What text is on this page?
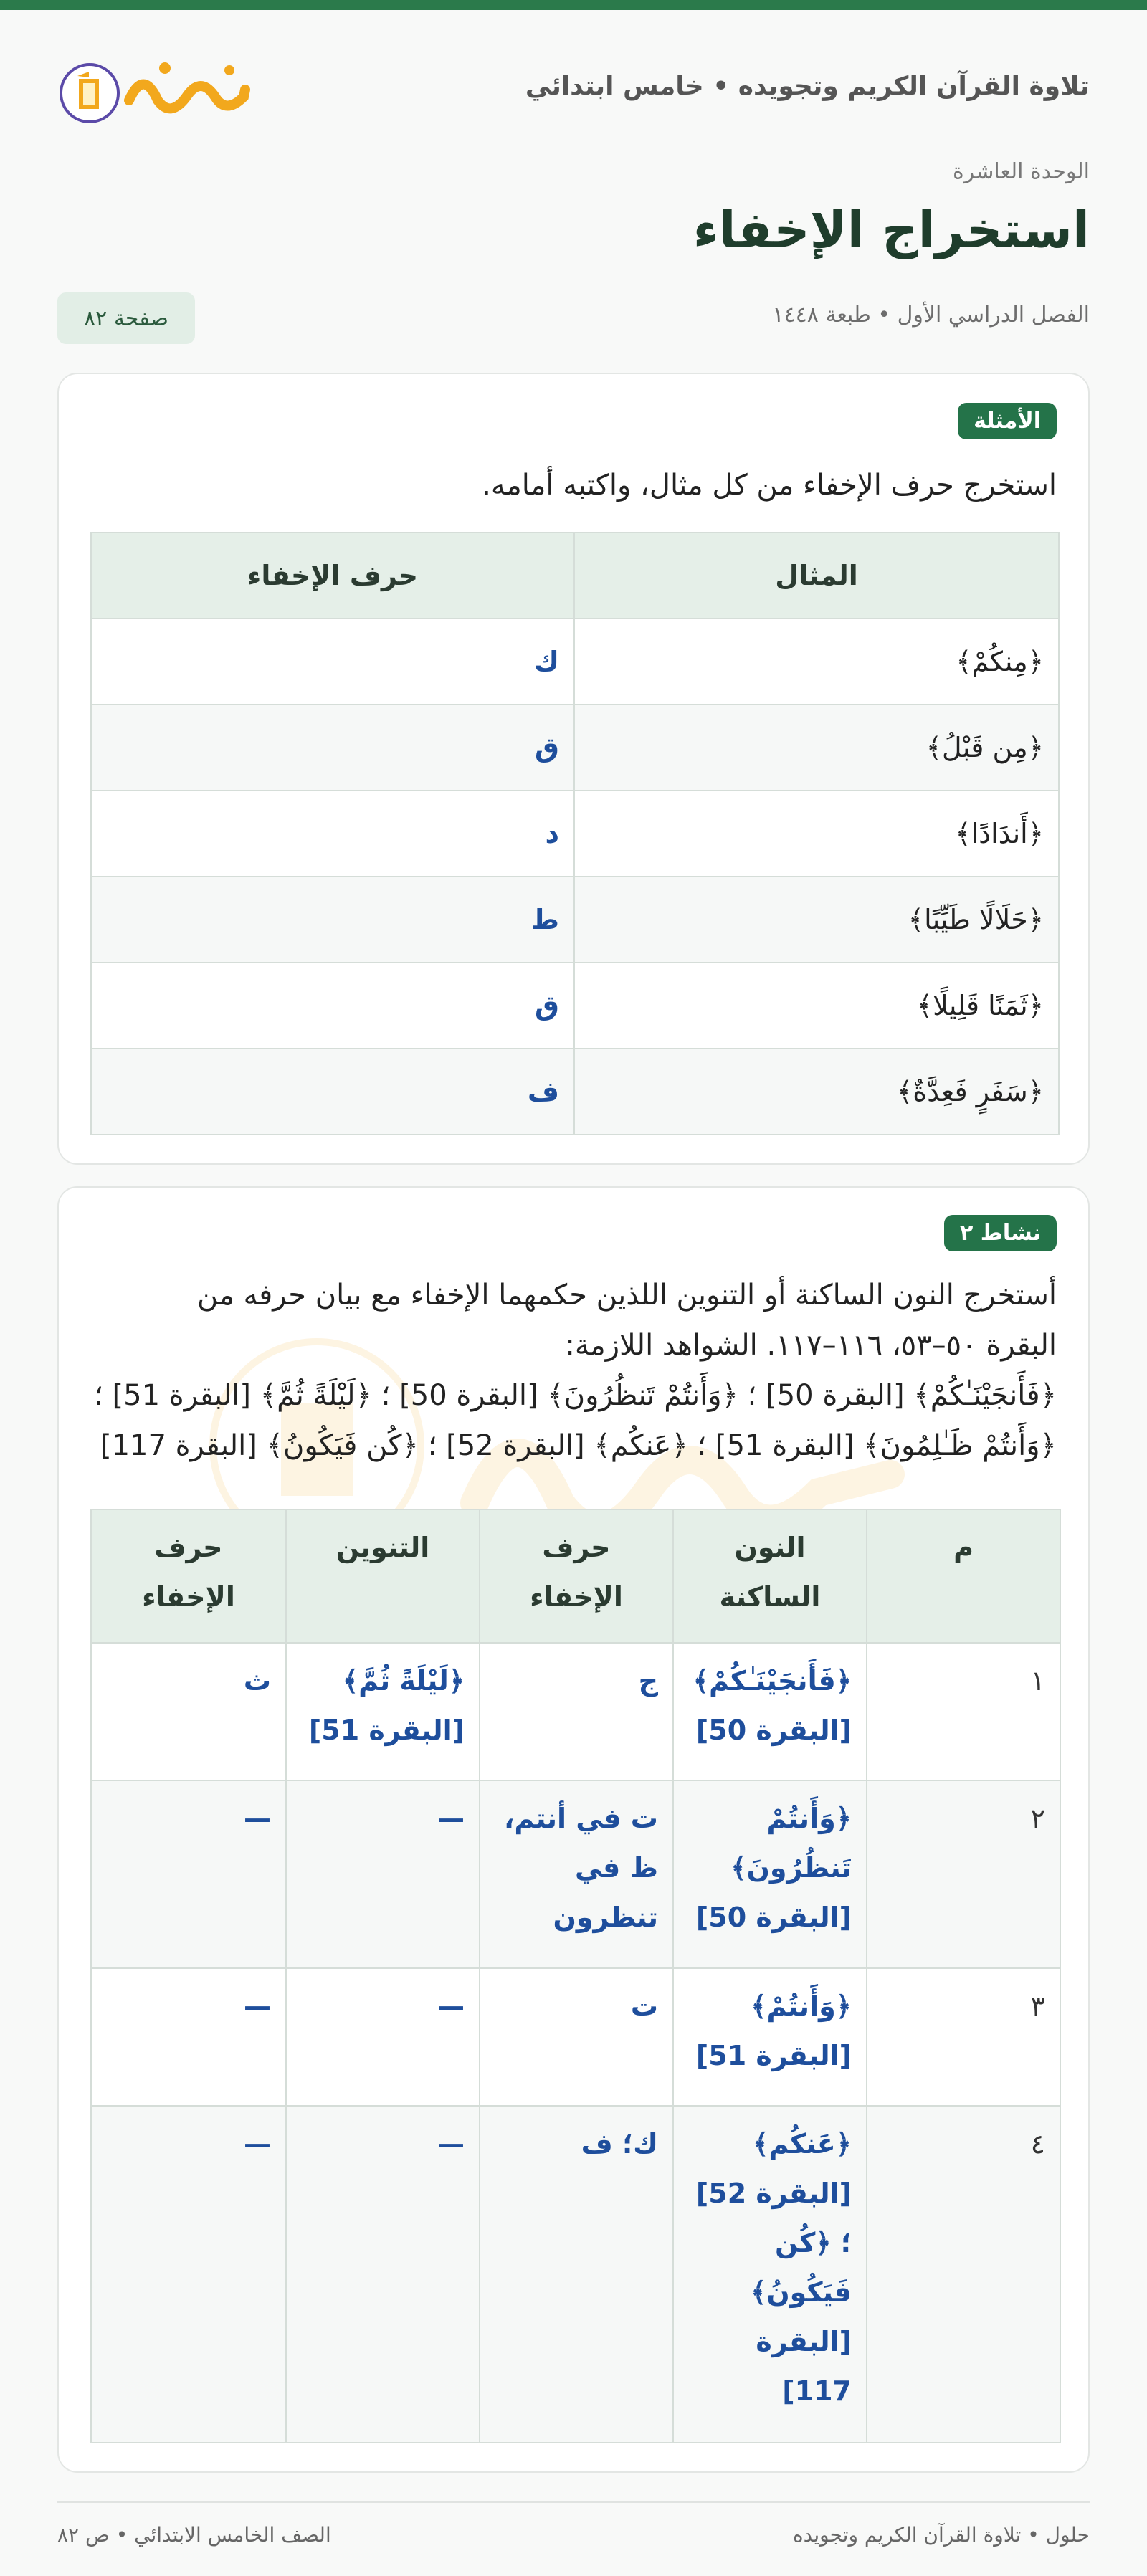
تلاوة القرآن الكريم وتجويده • خامس ابتدائي
الوحدة العاشرة
استخراج الإخفاء
الفصل الدراسي الأول • طبعة ١٤٤٨
صفحة ٨٢
الأمثلة
استخرج حرف الإخفاء من كل مثال، واكتبه أمامه.
المثال	حرف الإخفاء
﴿مِنكُمْ﴾	ك
﴿مِن قَبْلُ﴾	ق
﴿أَندَادًا﴾	د
﴿حَلَالًا طَيِّبًا﴾	ط
﴿ثَمَنًا قَلِيلًا﴾	ق
﴿سَفَرٍ فَعِدَّةٌ﴾	ف
نشاط ٢
أستخرج النون الساكنة أو التنوين اللذين حكمهما الإخفاء مع بيان حرفه من
البقرة ٥٠–٥٣، ١١٦–١١٧. الشواهد اللازمة:
﴿فَأَنجَيْنَـٰكُمْ﴾ [البقرة 50] ؛ ﴿وَأَنتُمْ تَنظُرُونَ﴾ [البقرة 50] ؛ ﴿لَيْلَةً ثُمَّ﴾ [البقرة 51] ؛
﴿وَأَنتُمْ ظَـٰلِمُونَ﴾ [البقرة 51] ؛ ﴿عَنكُم﴾ [البقرة 52] ؛ ﴿كُن فَيَكُونُ﴾ [البقرة 117]
م	النون الساكنة	حرف الإخفاء	التنوين	حرف الإخفاء
١	﴿فَأَنجَيْنَـٰكُمْ﴾ [البقرة 50]	ج	﴿لَيْلَةً ثُمَّ﴾ [البقرة 51]	ث
٢	﴿وَأَنتُمْ تَنظُرُونَ﴾ [البقرة 50]	ت في أنتم، ظ في تنظرون	—	—
٣	﴿وَأَنتُمْ﴾ [البقرة 51]	ت	—	—
٤	﴿عَنكُم﴾ [البقرة 52] ؛ ﴿كُن فَيَكُونُ﴾ [البقرة 117]	ك؛ ف	—	—
حلول • تلاوة القرآن الكريم وتجويده
الصف الخامس الابتدائي • ص ٨٢
